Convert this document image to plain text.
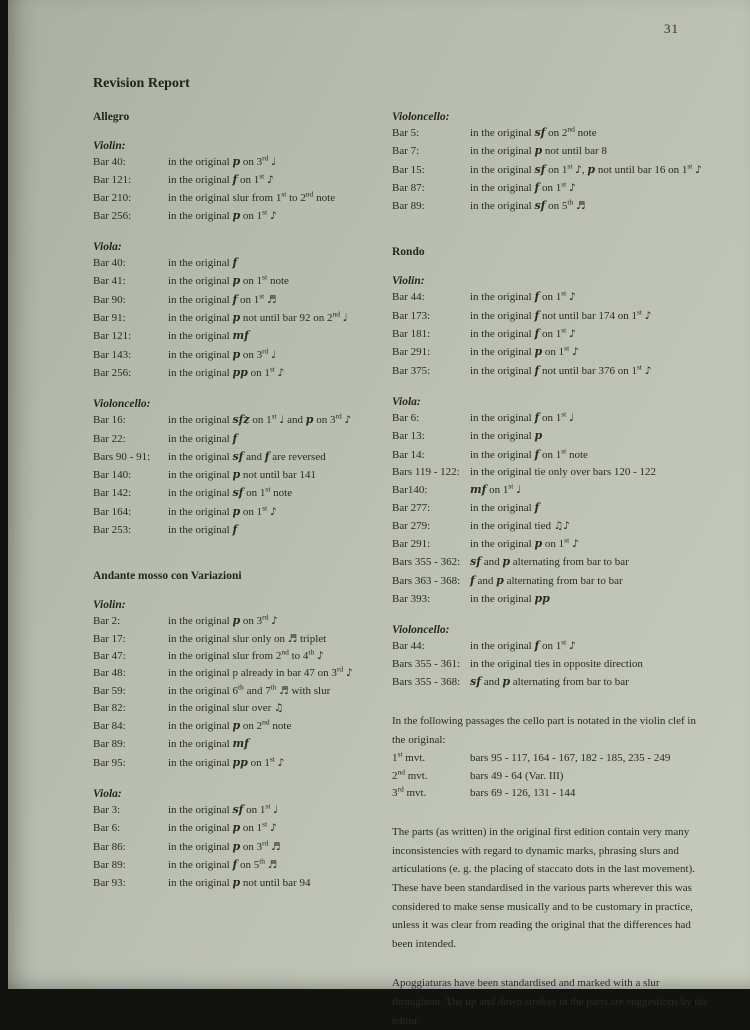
31
Revision Report
Allegro
Violin:
Bar 40:	in the original p on 3rd ♩
Bar 121:	in the original f on 1st ♪
Bar 210:	in the original slur from 1st to 2nd note
Bar 256:	in the original p on 1st ♪
Viola:
Bar 40:	in the original f
Bar 41:	in the original p on 1st note
Bar 90:	in the original f on 1st ♬
Bar 91:	in the original p not until bar 92 on 2nd ♩
Bar 121:	in the original mf
Bar 143:	in the original p on 3rd ♩
Bar 256:	in the original pp on 1st ♪
Violoncello:
Bar 16:	in the original sfz on 1st ♩ and p on 3rd ♪
Bar 22:	in the original f
Bars 90 - 91:	in the original sf and f are reversed
Bar 140:	in the original p not until bar 141
Bar 142:	in the original sf on 1st note
Bar 164:	in the original p on 1st ♪
Bar 253:	in the original f
Andante mosso con Variazioni
Violin:
Bar 2:	in the original p on 3rd ♪
Bar 17:	in the original slur only on ♬ triplet
Bar 47:	in the original slur from 2nd to 4th ♪
Bar 48:	in the original p already in bar 47 on 3rd ♪
Bar 59:	in the original 6th and 7th ♬ with slur
Bar 82:	in the original slur over ♫
Bar 84:	in the original p on 2nd note
Bar 89:	in the original mf
Bar 95:	in the original pp on 1st ♪
Viola:
Bar 3:	in the original sf on 1st ♩
Bar 6:	in the original p on 1st ♪
Bar 86:	in the original p on 3rd ♬
Bar 89:	in the original f on 5th ♬
Bar 93:	in the original p not until bar 94
Violoncello:
Bar 5:	in the original sf on 2nd note
Bar 7:	in the original p not until bar 8
Bar 15:	in the original sf on 1st ♪, p not until bar 16 on 1st ♪
Bar 87:	in the original f on 1st ♪
Bar 89:	in the original sf on 5th ♬
Rondo
Violin:
Bar 44:	in the original f on 1st ♪
Bar 173:	in the original f not until bar 174 on 1st ♪
Bar 181:	in the original f on 1st ♪
Bar 291:	in the original p on 1st ♪
Bar 375:	in the original f not until bar 376 on 1st ♪
Viola:
Bar 6:	in the original f on 1st ♩
Bar 13:	in the original p
Bar 14:	in the original f on 1st note
Bars 119 - 122: in the original tie only over bars 120 - 122
Bar140:	mf on 1st ♩
Bar 277:	in the original f
Bar 279:	in the original tied ♫♪
Bar 291:	in the original p on 1st ♪
Bars 355 - 362: sf and p alternating from bar to bar
Bars 363 - 368: f and p alternating from bar to bar
Bar 393:	in the original pp
Violoncello:
Bar 44:	in the original f on 1st ♪
Bars 355 - 361: in the original ties in opposite direction
Bars 355 - 368: sf and p alternating from bar to bar
In the following passages the cello part is notated in the violin clef in the original:
1st mvt.	bars 95 - 117, 164 - 167, 182 - 185, 235 - 249
2nd mvt.	bars 49 - 64 (Var. III)
3rd mvt.	bars 69 - 126, 131 - 144
The parts (as written) in the original first edition contain very many inconsistencies with regard to dynamic marks, phrasing slurs and articulations (e. g. the placing of staccato dots in the last movement). These have been standardised in the various parts wherever this was considered to make sense musically and to be customary in practice, unless it was clear from reading the original that the differences had been intended.
Apoggiaturas have been standardised and marked with a slur throughout. The up and down strokes in the parts are suggestions by the editor.
